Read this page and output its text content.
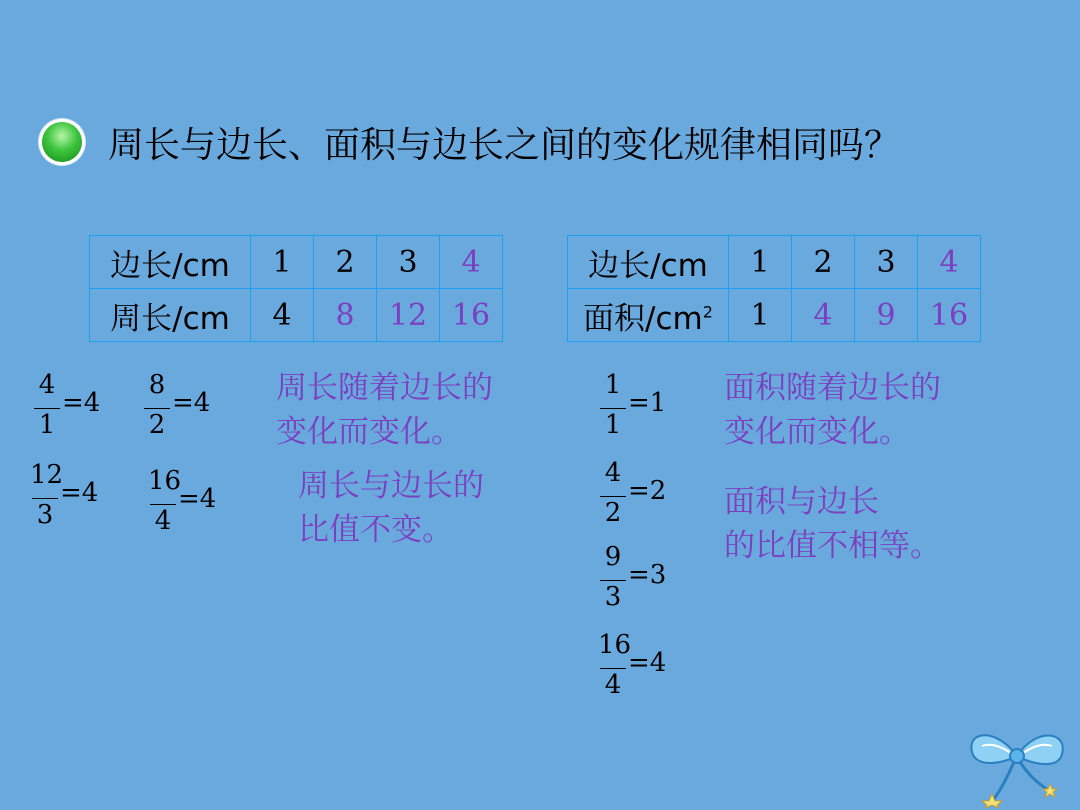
周长与边长、面积与边长之间的变化规律相同吗？
边长/cm	1	2	3	4
周长/cm	4	8	12	16
边长/cm	1	2	3	4
面积$/cm^2$	1	4	9	16
4
1
=4
8
2
=4
12
3
=4 16
4
=4
1
1
=1
4
2
=2
9
3
=3
16
4
=4
周长随着边长的
变化而变化。
周长与边长的
比值不变。
面积随着边长的
变化而变化。
面积与边长
的比值不相等。
